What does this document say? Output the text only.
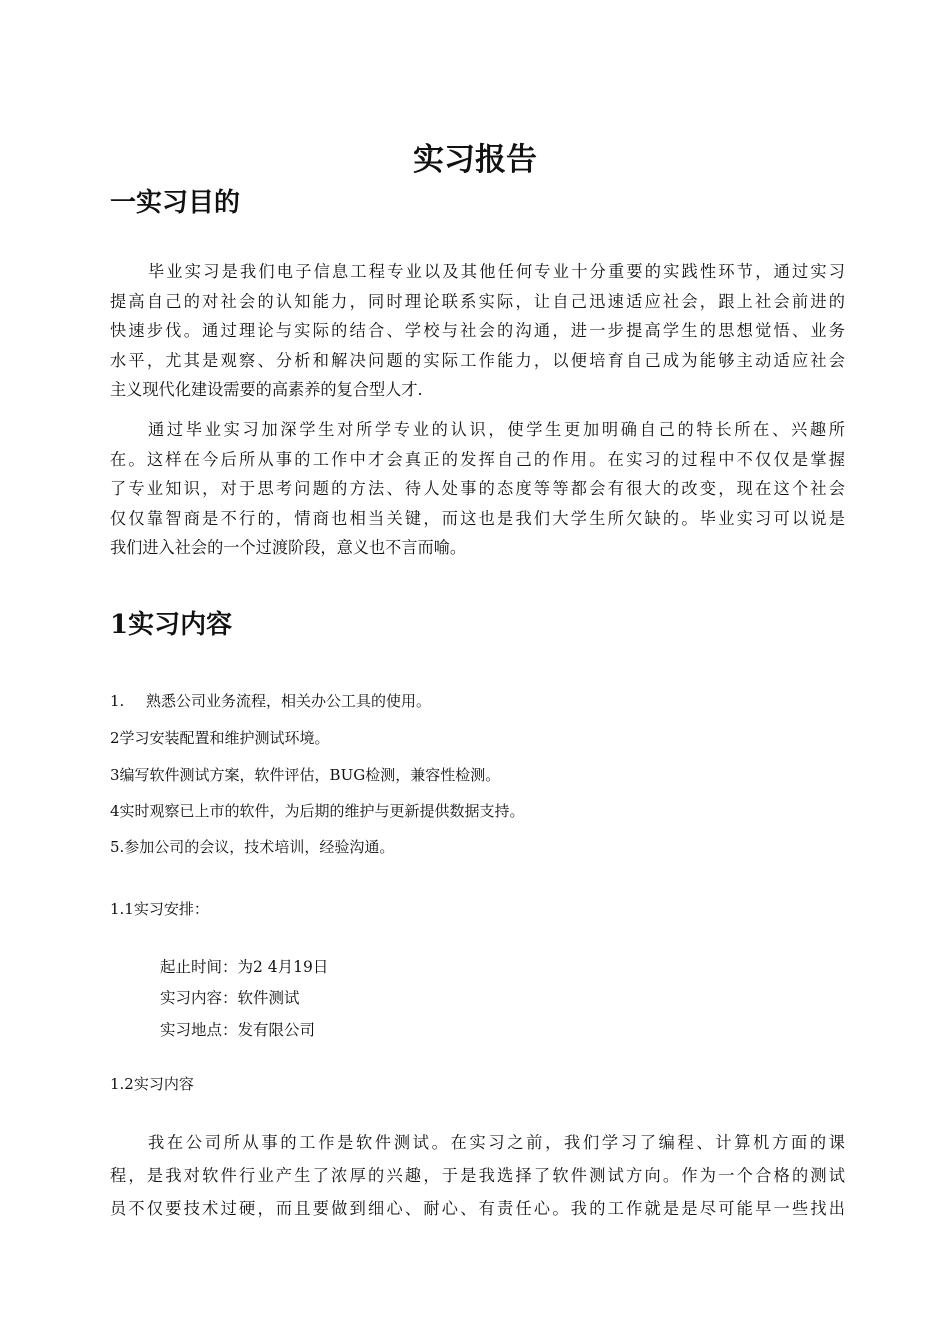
实习报告
一实习目的
毕业实习是我们电子信息工程专业以及其他任何专业十分重要的实践性环节，通过实习
提高自己的对社会的认知能力，同时理论联系实际，让自己迅速适应社会，跟上社会前进的
快速步伐。通过理论与实际的结合、学校与社会的沟通，进一步提高学生的思想觉悟、业务
水平，尤其是观察、分析和解决问题的实际工作能力，以便培育自己成为能够主动适应社会
主义现代化建设需要的高素养的复合型人才.
通过毕业实习加深学生对所学专业的认识，使学生更加明确自己的特长所在、兴趣所
在。这样在今后所从事的工作中才会真正的发挥自己的作用。在实习的过程中不仅仅是掌握
了专业知识，对于思考问题的方法、待人处事的态度等等都会有很大的改变，现在这个社会
仅仅靠智商是不行的，情商也相当关键，而这也是我们大学生所欠缺的。毕业实习可以说是
我们进入社会的一个过渡阶段，意义也不言而喻。
1实习内容
1. 熟悉公司业务流程，相关办公工具的使用。
2学习安装配置和维护测试环境。
3编写软件测试方案，软件评估，BUG检测，兼容性检测。
4实时观察已上市的软件，为后期的维护与更新提供数据支持。
5.参加公司的会议，技术培训，经验沟通。
1.1实习安排：
起止时间：为2 4月19日
实习内容：软件测试
实习地点：发有限公司
1.2实习内容
我在公司所从事的工作是软件测试。在实习之前，我们学习了编程、计算机方面的课
程，是我对软件行业产生了浓厚的兴趣，于是我选择了软件测试方向。作为一个合格的测试
员不仅要技术过硬，而且要做到细心、耐心、有责任心。我的工作就是是尽可能早一些找出
